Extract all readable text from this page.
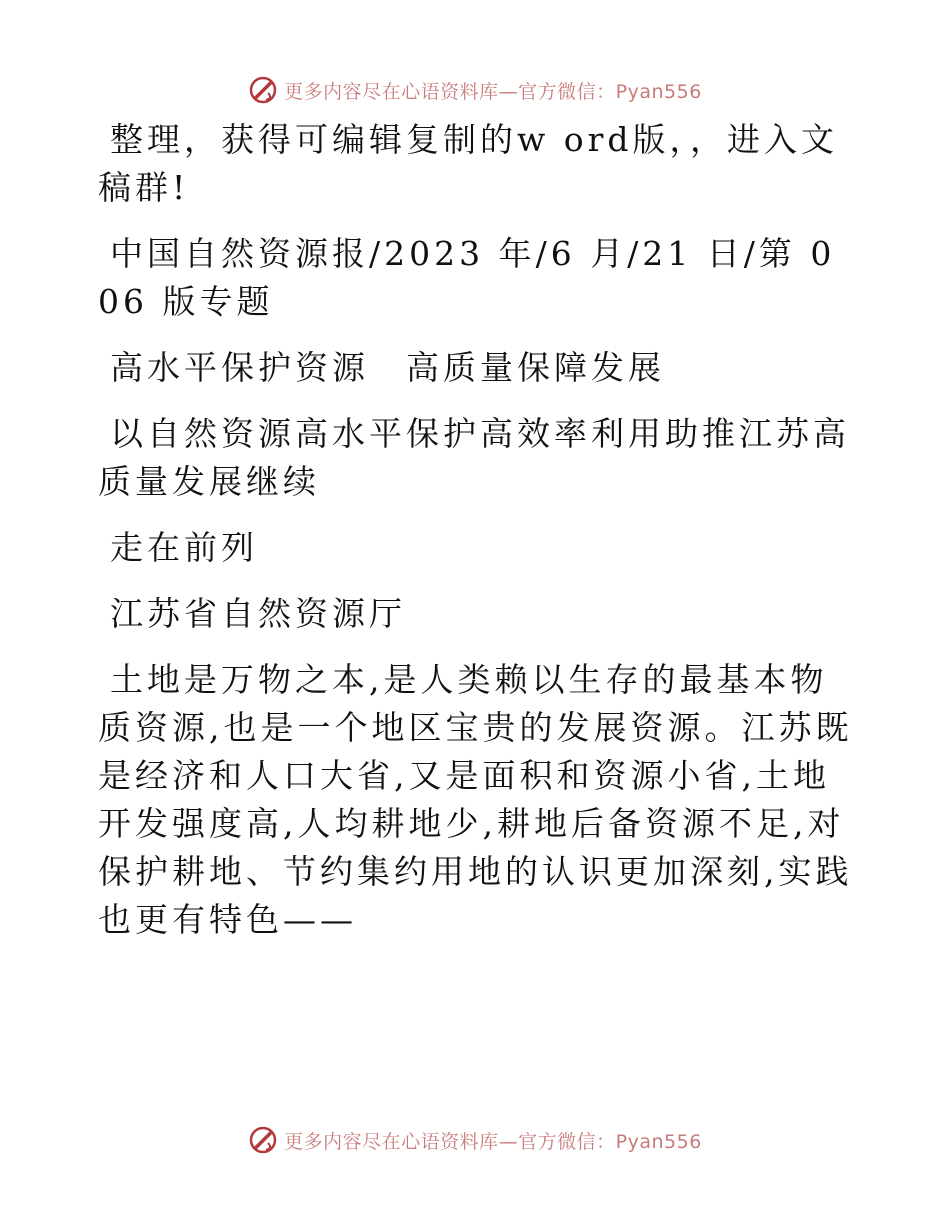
更多内容尽在心语资料库—官方微信：Pyan556

整理，获得可编辑复制的w ord版，，进入文稿群!

中国自然资源报/2023 年/6 月/21 日/第 006 版专题

高水平保护资源　高质量保障发展

以自然资源高水平保护高效率利用助推江苏高质量发展继续

走在前列

江苏省自然资源厅

土地是万物之本,是人类赖以生存的最基本物质资源,也是一个地区宝贵的发展资源。江苏既是经济和人口大省,又是面积和资源小省,土地开发强度高,人均耕地少,耕地后备资源不足,对保护耕地、节约集约用地的认识更加深刻,实践也更有特色——

更多内容尽在心语资料库—官方微信：Pyan556
